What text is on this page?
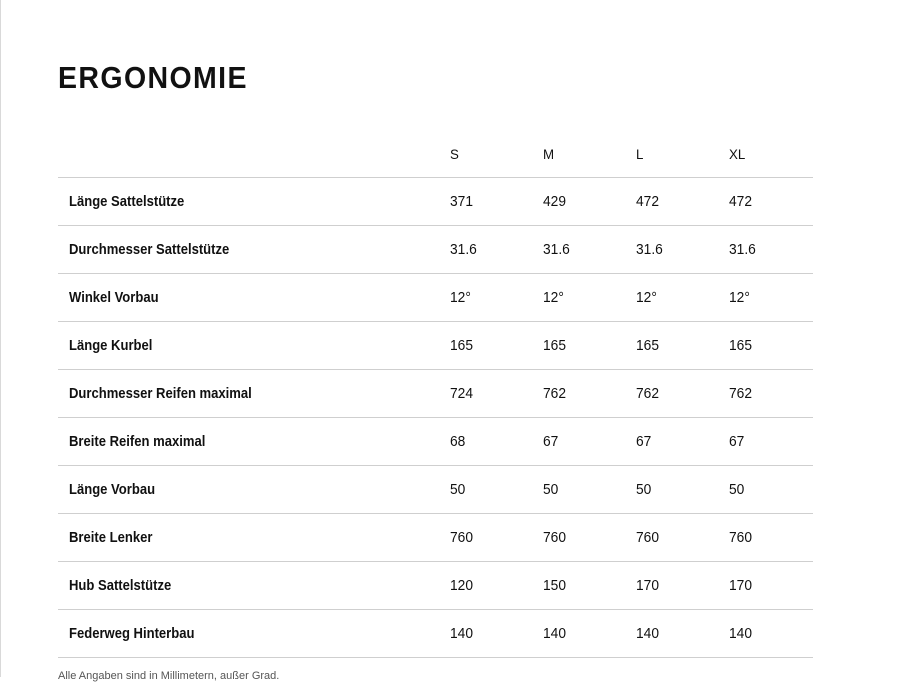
ERGONOMIE
	S	M	L	XL
Länge Sattelstütze	371	429	472	472
Durchmesser Sattelstütze	31.6	31.6	31.6	31.6
Winkel Vorbau	12°	12°	12°	12°
Länge Kurbel	165	165	165	165
Durchmesser Reifen maximal	724	762	762	762
Breite Reifen maximal	68	67	67	67
Länge Vorbau	50	50	50	50
Breite Lenker	760	760	760	760
Hub Sattelstütze	120	150	170	170
Federweg Hinterbau	140	140	140	140
Alle Angaben sind in Millimetern, außer Grad.
